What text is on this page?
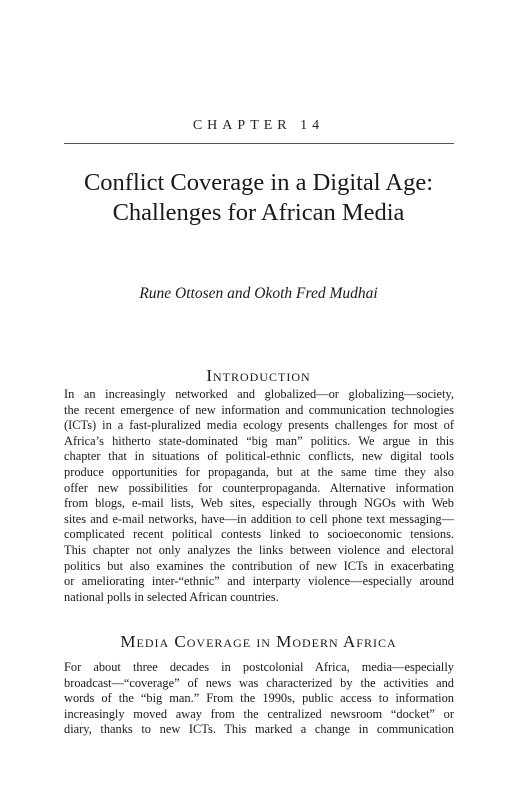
CHAPTER 14
Conflict Coverage in a Digital Age:
Challenges for African Media
Rune Ottosen and Okoth Fred Mudhai
Introduction
In an increasingly networked and globalized—or globalizing—society,
the recent emergence of new information and communication technologies
(ICTs) in a fast-pluralized media ecology presents challenges for most of
Africa’s hitherto state-dominated “big man” politics. We argue in this
chapter that in situations of political-ethnic conflicts, new digital tools
produce opportunities for propaganda, but at the same time they also
offer new possibilities for counterpropaganda. Alternative information
from blogs, e-mail lists, Web sites, especially through NGOs with Web
sites and e-mail networks, have—in addition to cell phone text messaging—
complicated recent political contests linked to socioeconomic tensions.
This chapter not only analyzes the links between violence and electoral
politics but also examines the contribution of new ICTs in exacerbating
or ameliorating inter-“ethnic” and interparty violence—especially around
national polls in selected African countries.
Media Coverage in Modern Africa
For about three decades in postcolonial Africa, media—especially
broadcast—“coverage” of news was characterized by the activities and
words of the “big man.” From the 1990s, public access to information
increasingly moved away from the centralized newsroom “docket” or
diary, thanks to new ICTs. This marked a change in communication
